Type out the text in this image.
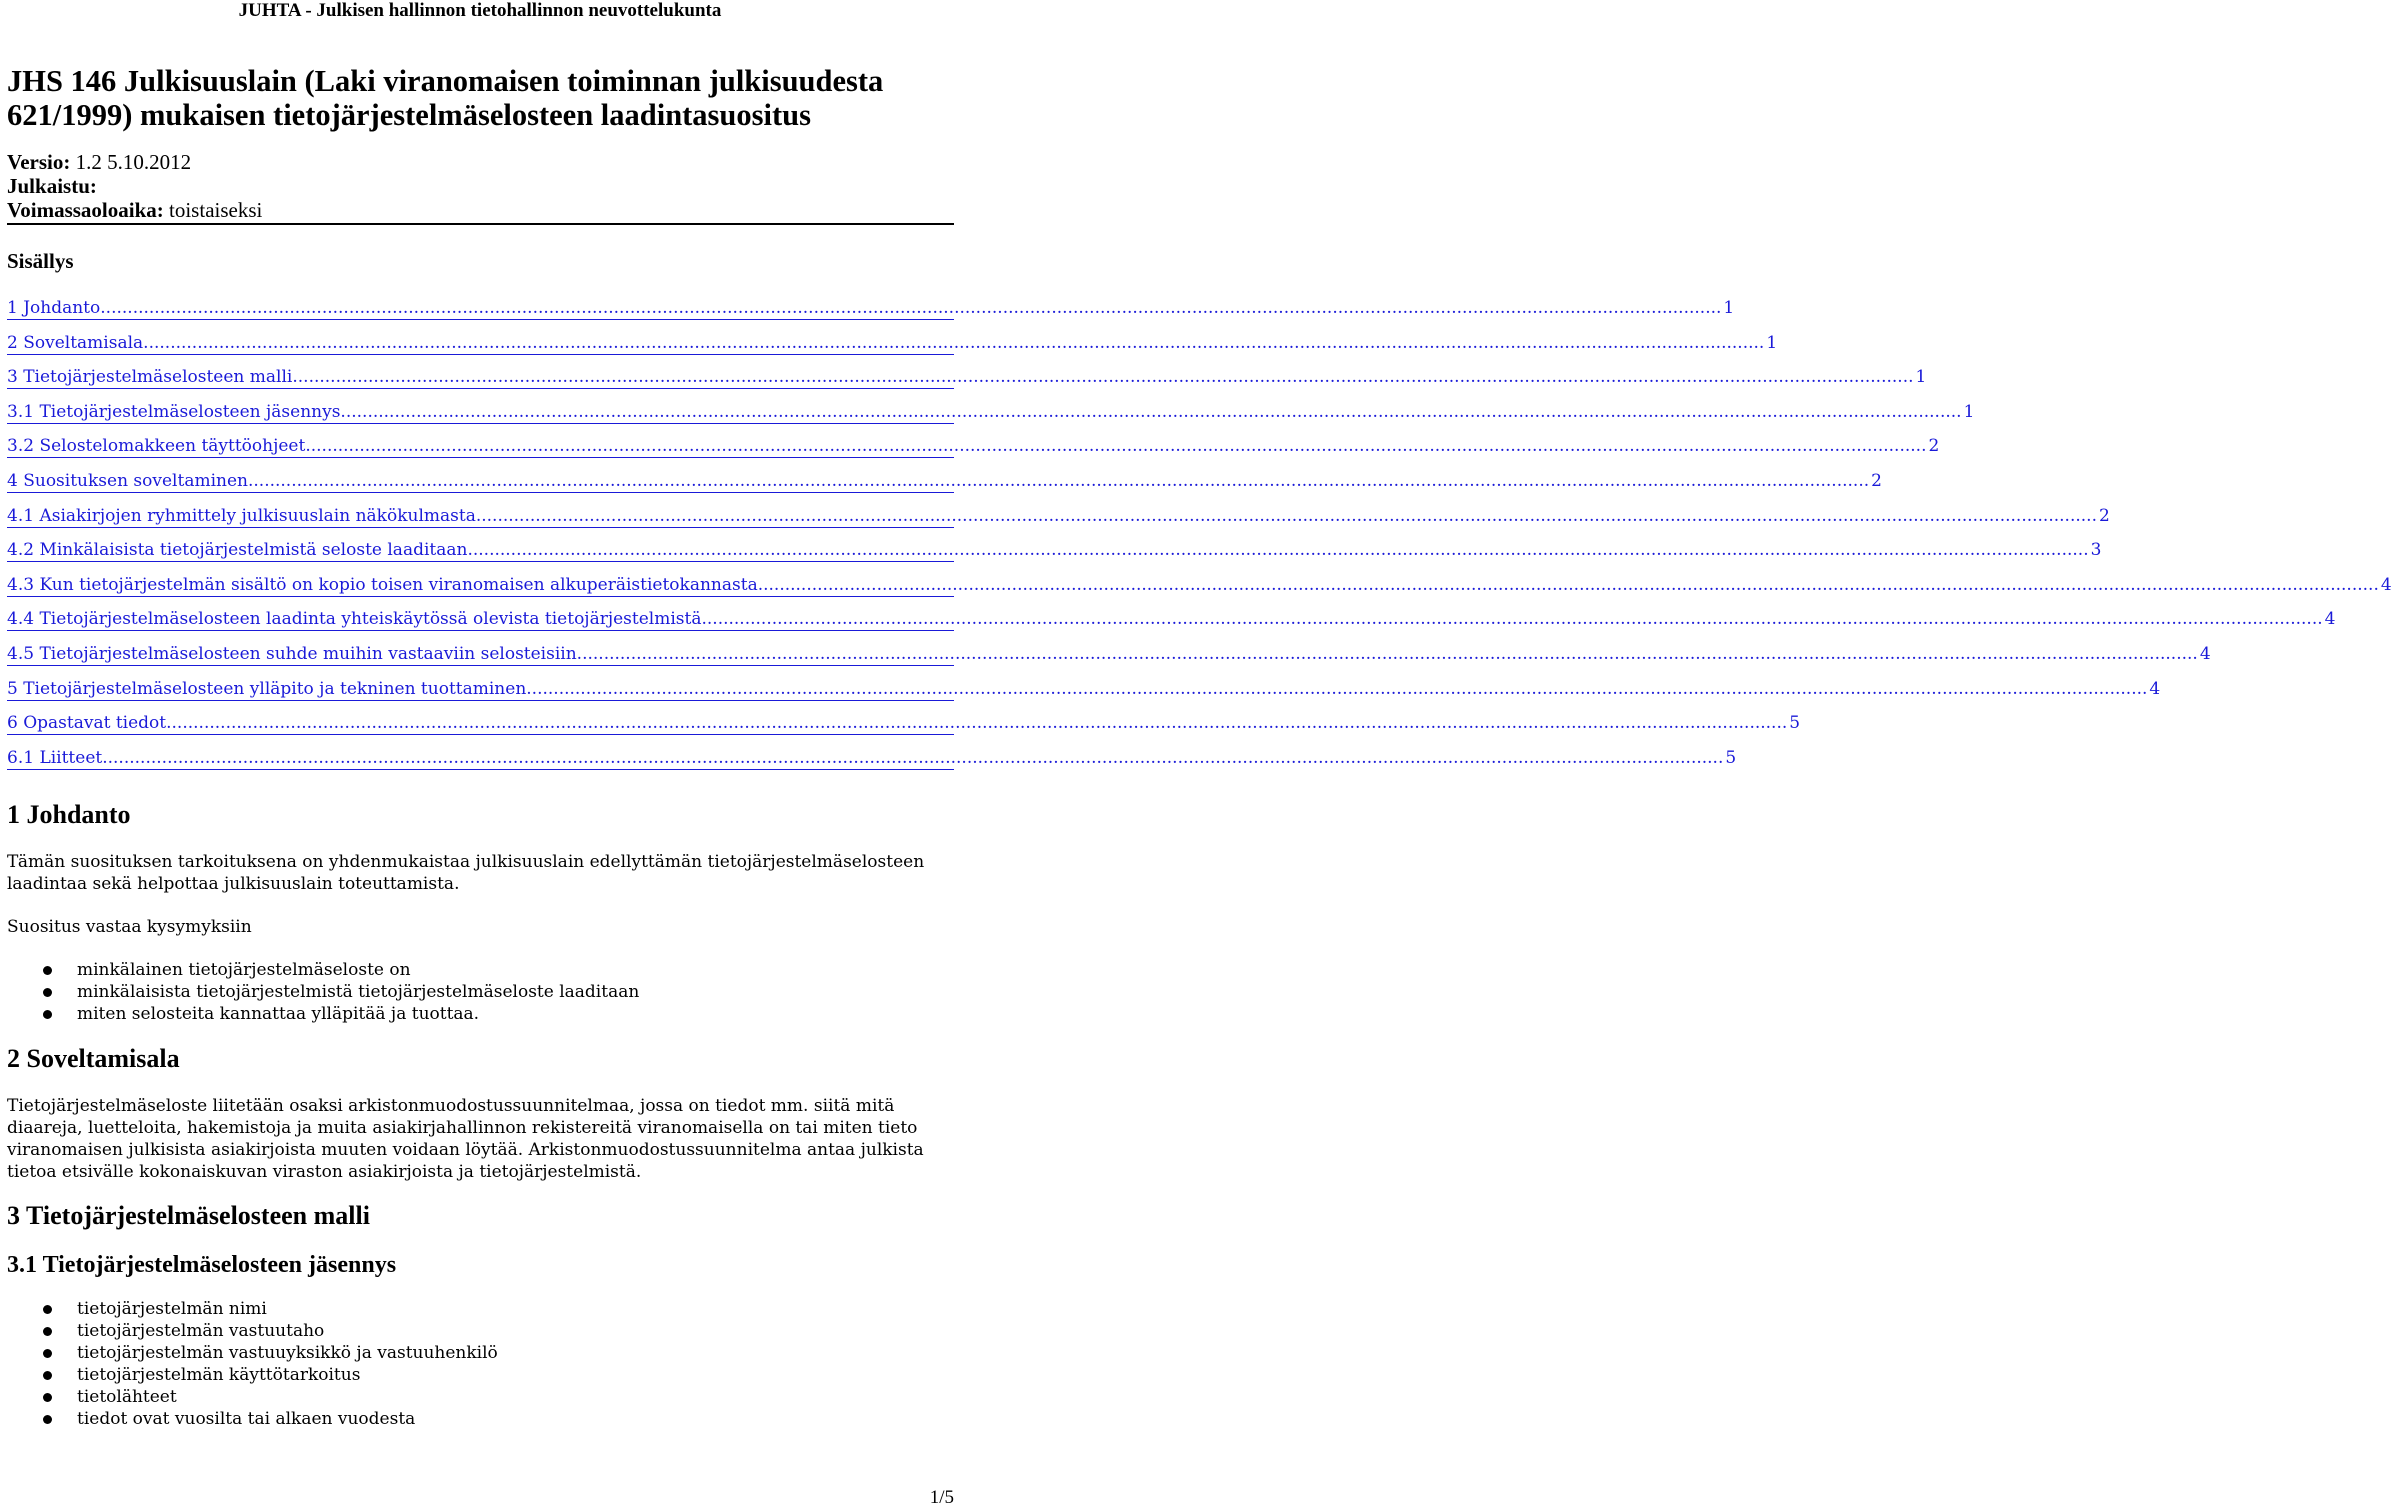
JUHTA - Julkisen hallinnon tietohallinnon neuvottelukunta
JHS 146 Julkisuuslain (Laki viranomaisen toiminnan julkisuudesta 621/1999) mukaisen tietojärjestelmäselosteen laadintasuositus
Versio: 1.2 5.10.2012
Julkaistu:
Voimassaoloaika: toistaiseksi
Sisällys
1 Johdanto ............................................................................................................................................................................................................................................................................................................ 1
2 Soveltamisala ............................................................................................................................................................................................................................................................................................................ 1
3 Tietojärjestelmäselosteen malli ............................................................................................................................................................................................................................................................................................................ 1
3.1 Tietojärjestelmäselosteen jäsennys ............................................................................................................................................................................................................................................................................................................ 1
3.2 Selostelomakkeen täyttöohjeet ............................................................................................................................................................................................................................................................................................................ 2
4 Suosituksen soveltaminen ............................................................................................................................................................................................................................................................................................................ 2
4.1 Asiakirjojen ryhmittely julkisuuslain näkökulmasta ............................................................................................................................................................................................................................................................................................................ 2
4.2 Minkälaisista tietojärjestelmistä seloste laaditaan ............................................................................................................................................................................................................................................................................................................ 3
4.3 Kun tietojärjestelmän sisältö on kopio toisen viranomaisen alkuperäistietokannasta ............................................................................................................................................................................................................................................................................................................ 4
4.4 Tietojärjestelmäselosteen laadinta yhteiskäytössä olevista tietojärjestelmistä ............................................................................................................................................................................................................................................................................................................ 4
4.5 Tietojärjestelmäselosteen suhde muihin vastaaviin selosteisiin ............................................................................................................................................................................................................................................................................................................ 4
5 Tietojärjestelmäselosteen ylläpito ja tekninen tuottaminen ............................................................................................................................................................................................................................................................................................................ 4
6 Opastavat tiedot ............................................................................................................................................................................................................................................................................................................ 5
6.1 Liitteet ............................................................................................................................................................................................................................................................................................................ 5
1 Johdanto

Tämän suosituksen tarkoituksena on yhdenmukaistaa julkisuuslain edellyttämän tietojärjestelmäselosteen laadintaa sekä helpottaa julkisuuslain toteuttamista.

Suositus vastaa kysymyksiin

minkälainen tietojärjestelmäseloste on
minkälaisista tietojärjestelmistä tietojärjestelmäseloste laaditaan
miten selosteita kannattaa ylläpitää ja tuottaa.
2 Soveltamisala

Tietojärjestelmäseloste liitetään osaksi arkistonmuodostussuunnitelmaa, jossa on tiedot mm. siitä mitä diaareja, luetteloita, hakemistoja ja muita asiakirjahallinnon rekistereitä viranomaisella on tai miten tieto viranomaisen julkisista asiakirjoista muuten voidaan löytää. Arkistonmuodostussuunnitelma antaa julkista tietoa etsivälle kokonaiskuvan viraston asiakirjoista ja tietojärjestelmistä.

3 Tietojärjestelmäselosteen malli
3.1 Tietojärjestelmäselosteen jäsennys
tietojärjestelmän nimi
tietojärjestelmän vastuutaho
tietojärjestelmän vastuuyksikkö ja vastuuhenkilö
tietojärjestelmän käyttötarkoitus
tietolähteet
tiedot ovat vuosilta tai alkaen vuodesta
1/5
